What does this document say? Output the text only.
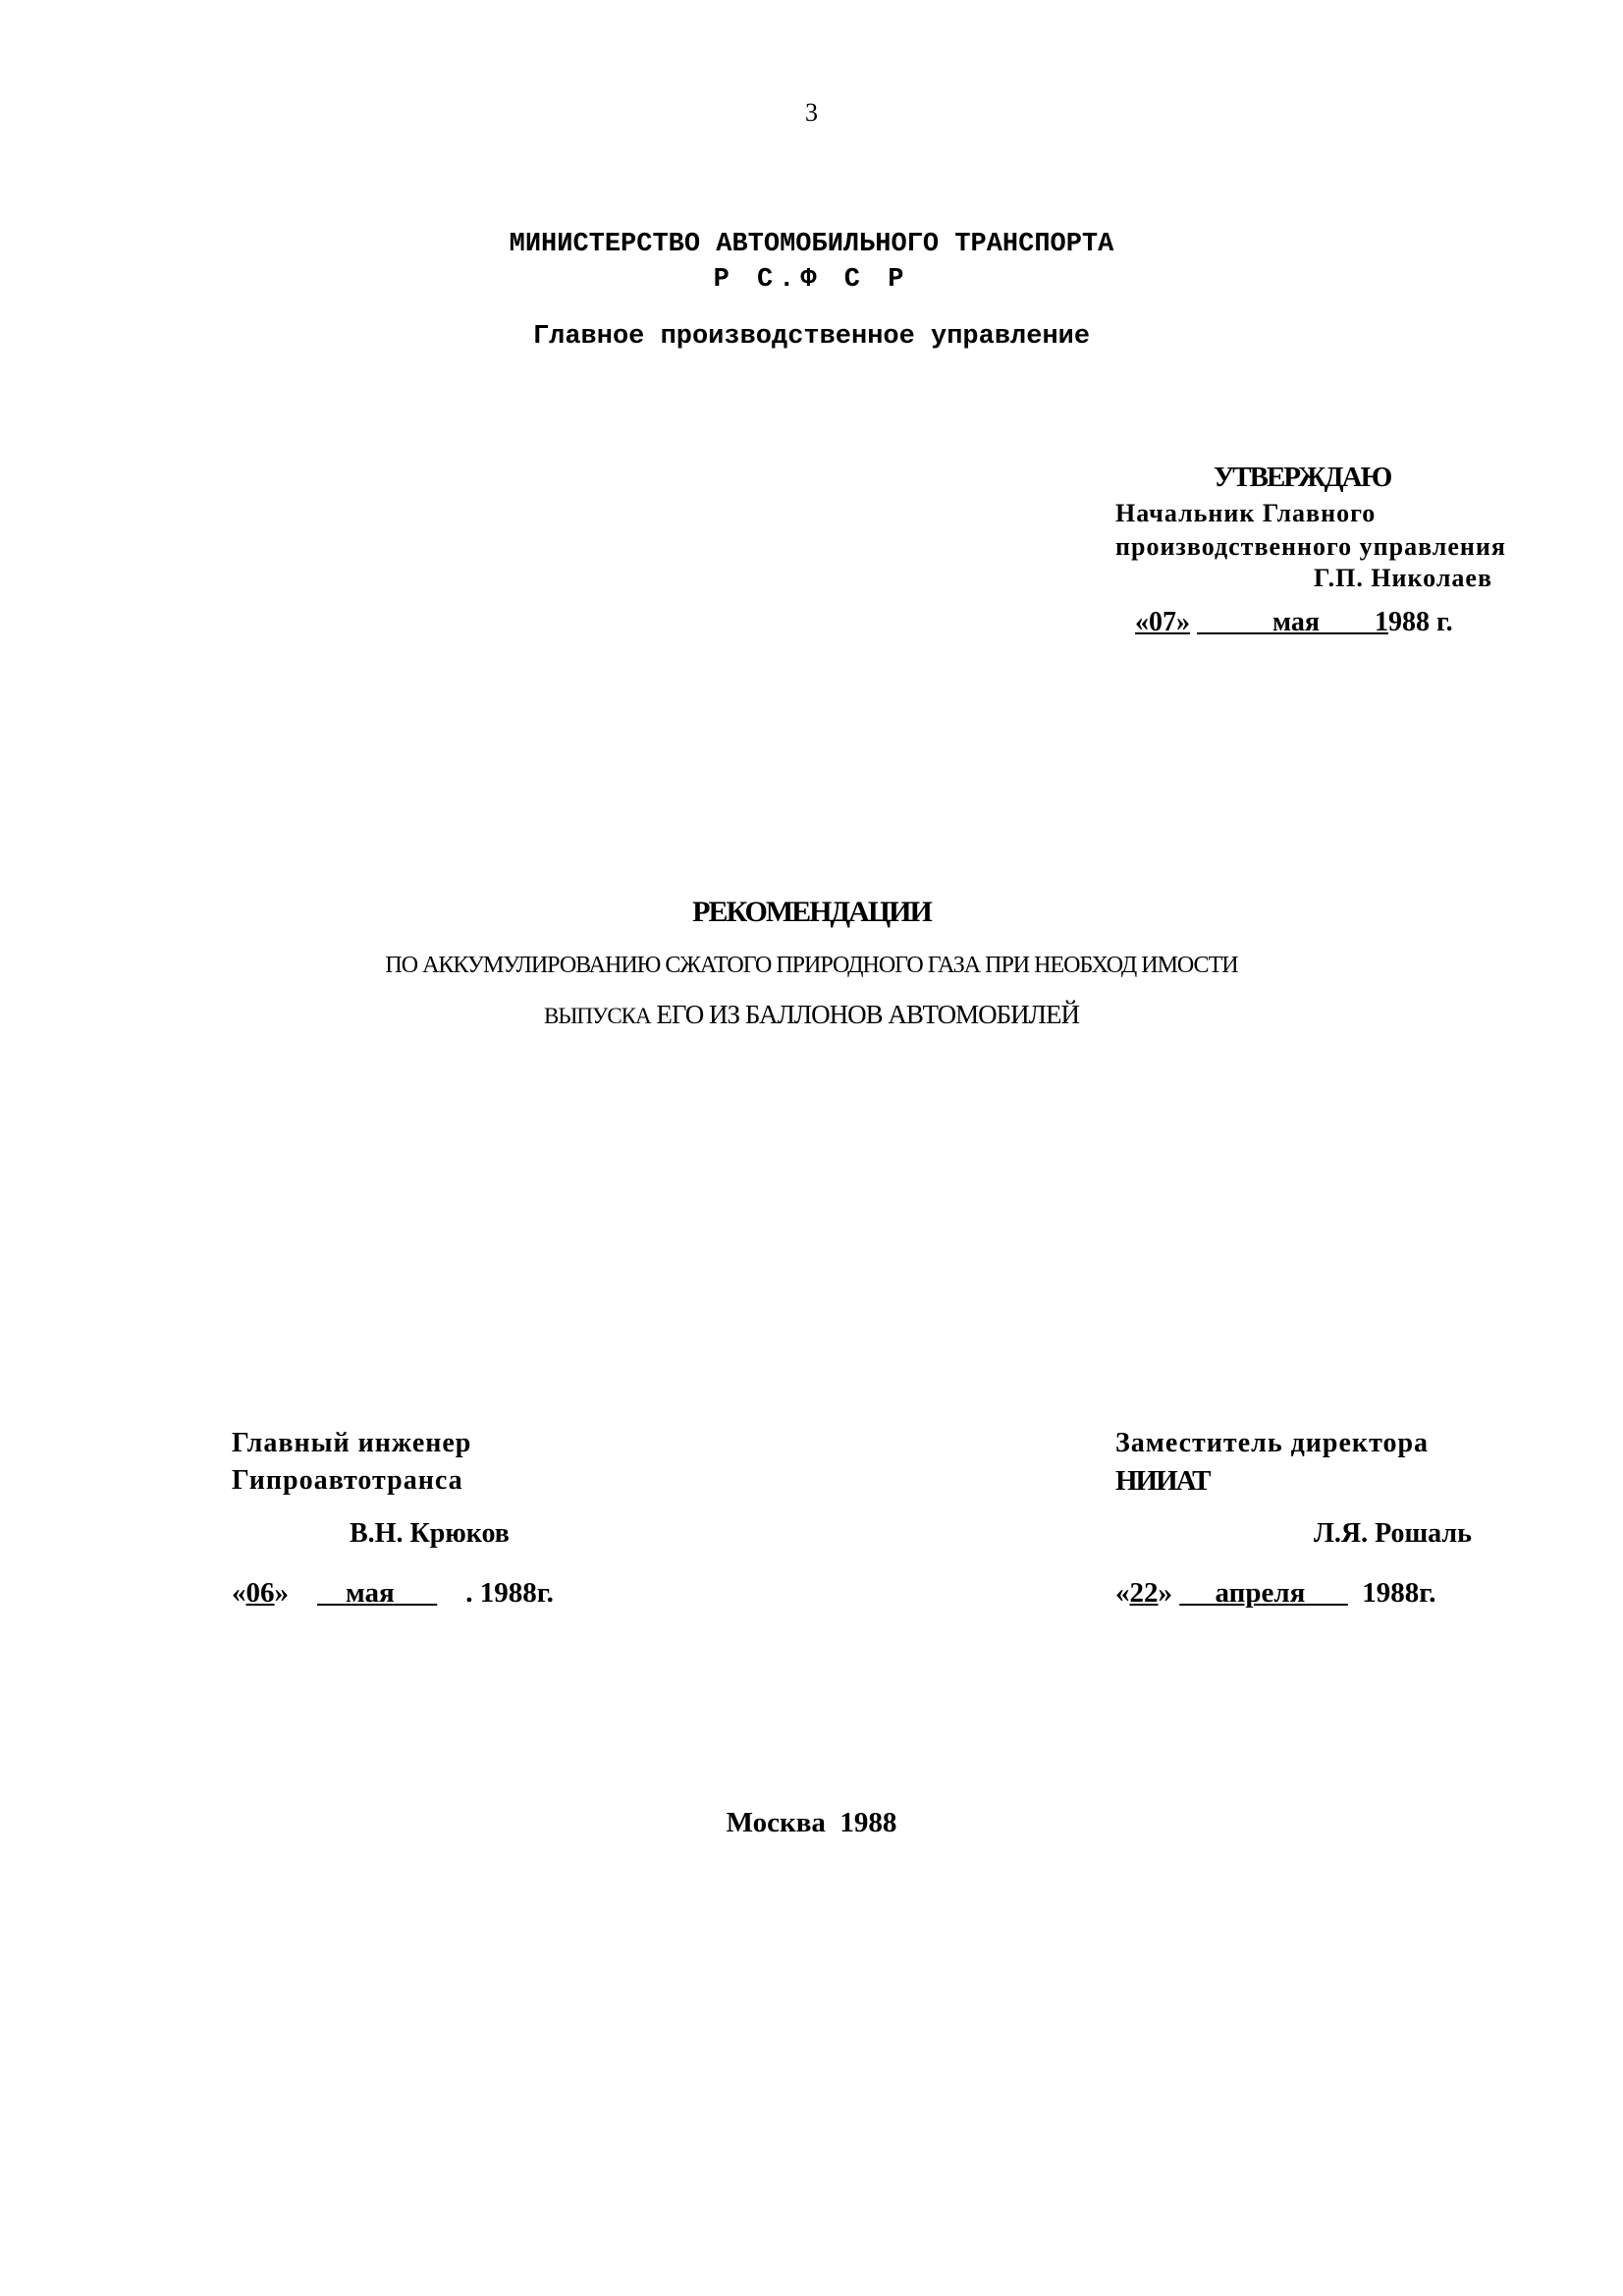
3
МИНИСТЕРСТВО АВТОМОБИЛЬНОГО ТРАНСПОРТА
Р С.Ф С Р
Главное производственное управление
УТВЕРЖДАЮ
Начальник Главного
производственного управления
Г.П. Николаев
«07»	мая 1988 г.
РЕКОМЕНДАЦИИ
ПО АККУМУЛИРОВАНИЮ СЖАТОГО ПРИРОДНОГО ГАЗА ПРИ НЕОБХОД ИМОСТИ
ВЫПУСКА ЕГО ИЗ БАЛЛОНОВ АВТОМОБИЛЕЙ
Главный инженер
Гипроавтотранса
В.Н. Крюков
«06» мая	. 1988г.
Заместитель директора
НИИАТ
Л.Я. Рошаль
«22» апреля 1988г.
Москва  1988
